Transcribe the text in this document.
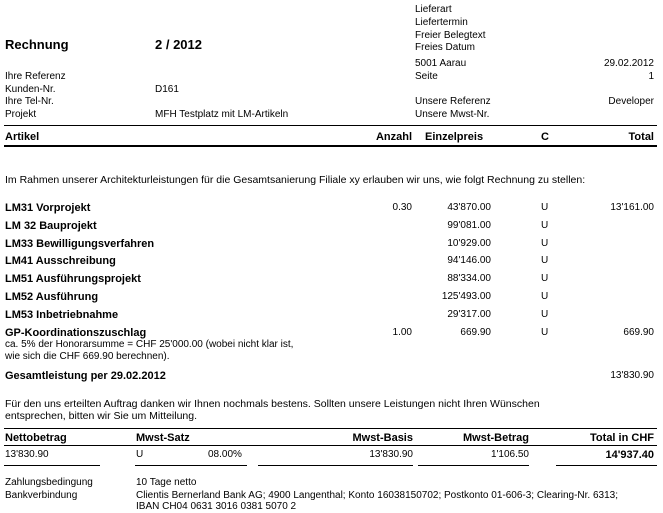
Rechnung	2 / 2012
Lieferart
Liefertermin
Freier Belegtext
Freies Datum
5001 Aarau	29.02.2012
Seite	1
Ihre Referenz
Kunden-Nr.	D161
Ihre Tel-Nr.	Unsere Referenz	Developer
Projekt	MFH Testplatz mit LM-Artikeln	Unsere Mwst-Nr.
Artikel	Anzahl Einzelpreis	C	Total
Im Rahmen unserer Architekturleistungen für die Gesamtsanierung Filiale xy erlauben wir uns, wie folgt Rechnung zu stellen:
LM31 Vorprojekt	0.30	43'870.00	U	13'161.00
LM 32 Bauprojekt	99'081.00	U
LM33 Bewilligungsverfahren	10'929.00	U
LM41 Ausschreibung	94'146.00	U
LM51 Ausführungsprojekt	88'334.00	U
LM52 Ausführung	125'493.00	U
LM53 Inbetriebnahme	29'317.00	U
GP-Koordinationszuschlag	1.00	669.90	U	669.90
ca. 5% der Honorarsumme = CHF 25'000.00 (wobei nicht klar ist,
wie sich die CHF 669.90 berechnen).
Gesamtleistung per 29.02.2012	13'830.90
Für den uns erteilten Auftrag danken wir Ihnen nochmals bestens. Sollten unsere Leistungen nicht Ihren Wünschen
entsprechen, bitten wir Sie um Mitteilung.
Nettobetrag	Mwst-Satz	Mwst-Basis	Mwst-Betrag	Total in CHF
13'830.90	U	08.00%	13'830.90	1'106.50	14'937.40
Zahlungsbedingung	10 Tage netto
Bankverbindung	Clientis Bernerland Bank AG; 4900 Langenthal; Konto 16038150702; Postkonto 01-606-3; Clearing-Nr. 6313;
IBAN CH04 0631 3016 0381 5070 2
